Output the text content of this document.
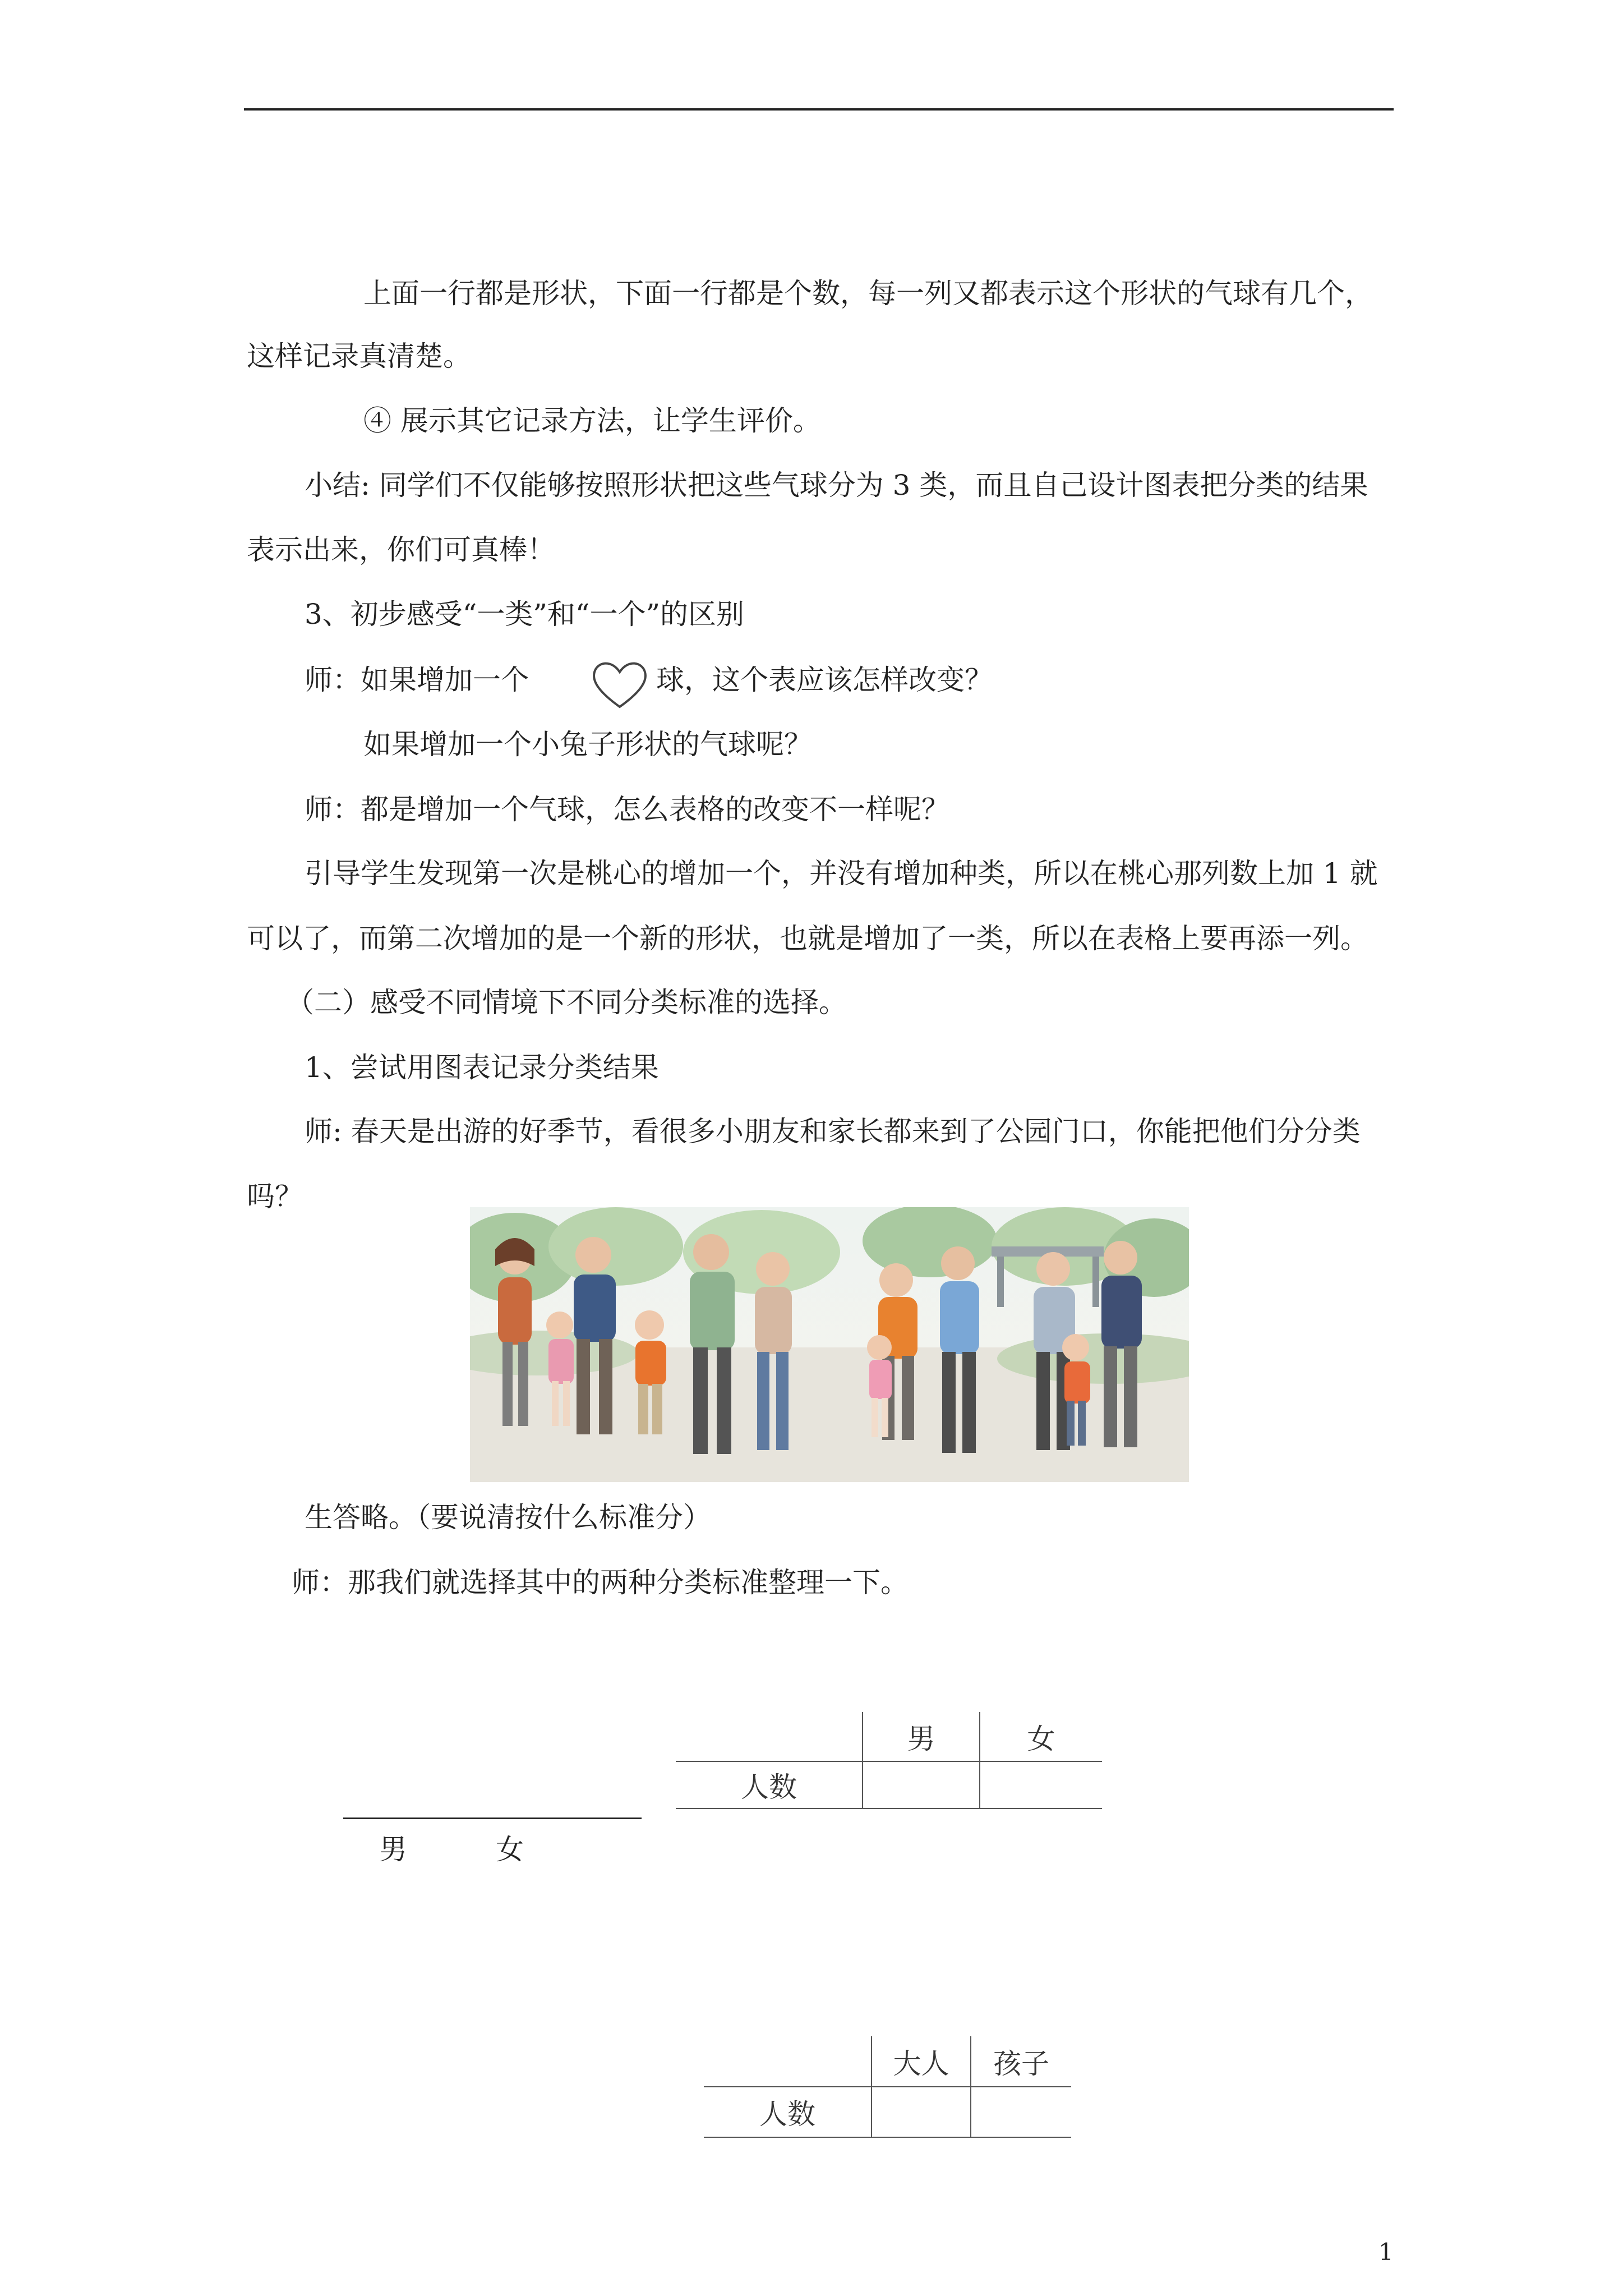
上面一行都是形状，下面一行都是个数，每一列又都表示这个形状的气球有几个，
这样记录真清楚。
④ 展示其它记录方法，让学生评价。
小结: 同学们不仅能够按照形状把这些气球分为 3 类，而且自己设计图表把分类的结果
表示出来，你们可真棒！
3、初步感受“一类”和“一个”的区别
师：如果增加一个	球，这个表应该怎样改变？
如果增加一个小兔子形状的气球呢？
师：都是增加一个气球，怎么表格的改变不一样呢？
引导学生发现第一次是桃心的增加一个，并没有增加种类，所以在桃心那列数上加 1 就
可以了，而第二次增加的是一个新的形状，也就是增加了一类，所以在表格上要再添一列。
（二）感受不同情境下不同分类标准的选择。
1、尝试用图表记录分类结果
师: 春天是出游的好季节，看很多小朋友和家长都来到了公园门口，你能把他们分分类
吗？
生答略。（要说清按什么标准分）
师：那我们就选择其中的两种分类标准整理一下。
	男	女
人数		
男	女
	大人	孩子
人数		
1
